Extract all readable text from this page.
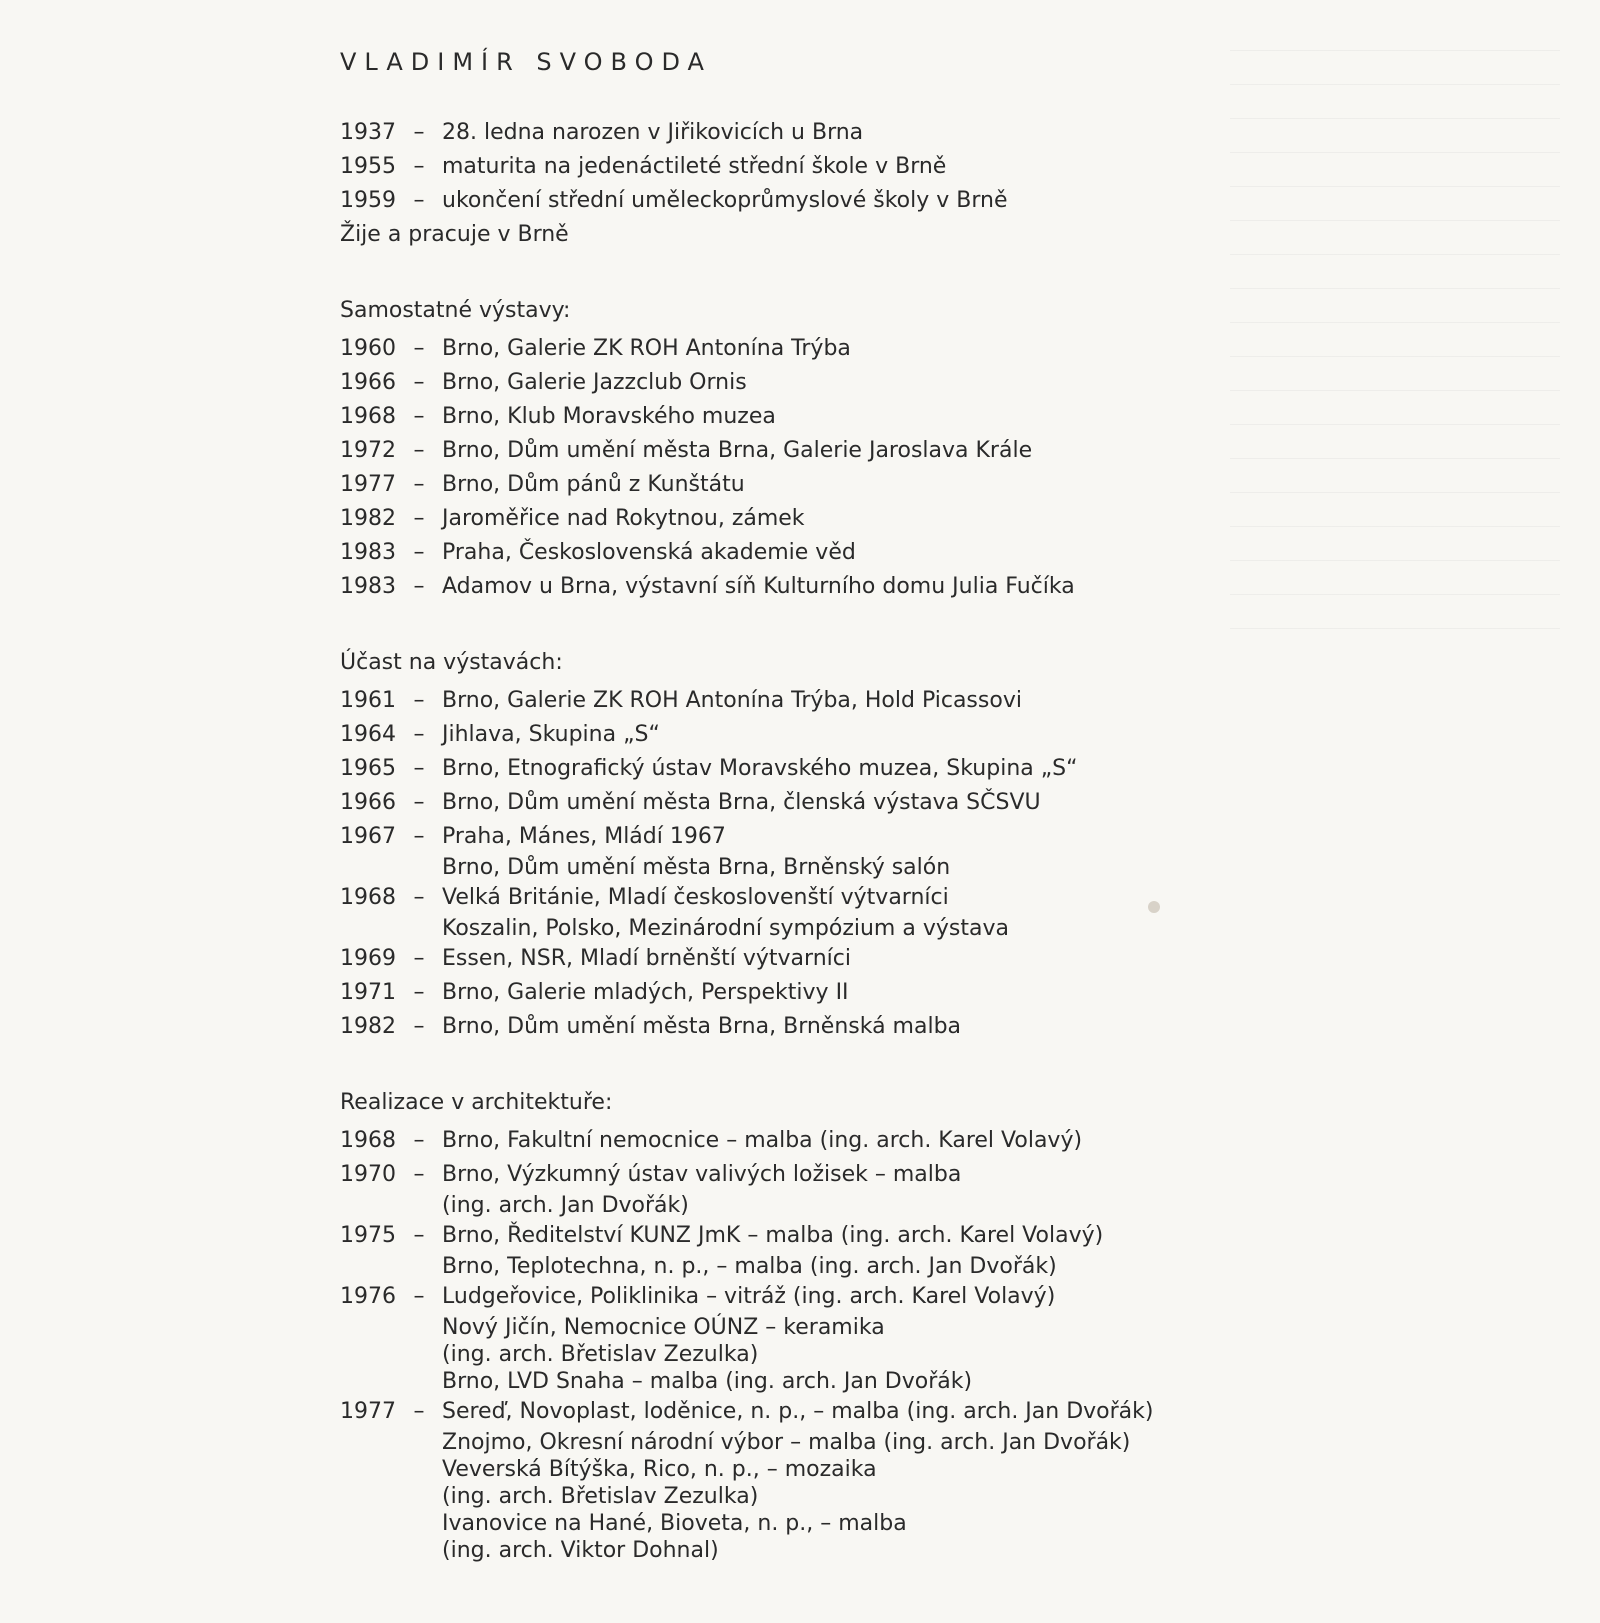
VLADIMÍR SVOBODA
1937 – 28. ledna narozen v Jiřikovicích u Brna
1955 – maturita na jedenáctileté střední škole v Brně
1959 – ukončení střední uměleckoprůmyslové školy v Brně
Žije a pracuje v Brně
Samostatné výstavy:
1960 – Brno, Galerie ZK ROH Antonína Trýba
1966 – Brno, Galerie Jazzclub Ornis
1968 – Brno, Klub Moravského muzea
1972 – Brno, Dům umění města Brna, Galerie Jaroslava Krále
1977 – Brno, Dům pánů z Kunštátu
1982 – Jaroměřice nad Rokytnou, zámek
1983 – Praha, Československá akademie věd
1983 – Adamov u Brna, výstavní síň Kulturního domu Julia Fučíka
Účast na výstavách:
1961 – Brno, Galerie ZK ROH Antonína Trýba, Hold Picassovi
1964 – Jihlava, Skupina „S“
1965 – Brno, Etnografický ústav Moravského muzea, Skupina „S“
1966 – Brno, Dům umění města Brna, členská výstava SČSVU
1967 – Praha, Mánes, Mládí 1967
Brno, Dům umění města Brna, Brněnský salón
1968 – Velká Británie, Mladí českoslovenští výtvarníci
Koszalin, Polsko, Mezinárodní sympózium a výstava
1969 – Essen, NSR, Mladí brněnští výtvarníci
1971 – Brno, Galerie mladých, Perspektivy II
1982 – Brno, Dům umění města Brna, Brněnská malba
Realizace v architektuře:
1968 – Brno, Fakultní nemocnice – malba (ing. arch. Karel Volavý)
1970 – Brno, Výzkumný ústav valivých ložisek – malba
(ing. arch. Jan Dvořák)
1975 – Brno, Ředitelství KUNZ JmK – malba (ing. arch. Karel Volavý)
Brno, Teplotechna, n. p., – malba (ing. arch. Jan Dvořák)
1976 – Ludgeřovice, Poliklinika – vitráž (ing. arch. Karel Volavý)
Nový Jičín, Nemocnice OÚNZ – keramika
(ing. arch. Břetislav Zezulka)
Brno, LVD Snaha – malba (ing. arch. Jan Dvořák)
1977 – Sereď, Novoplast, loděnice, n. p., – malba (ing. arch. Jan Dvořák)
Znojmo, Okresní národní výbor – malba (ing. arch. Jan Dvořák)
Veverská Bítýška, Rico, n. p., – mozaika
(ing. arch. Břetislav Zezulka)
Ivanovice na Hané, Bioveta, n. p., – malba
(ing. arch. Viktor Dohnal)
